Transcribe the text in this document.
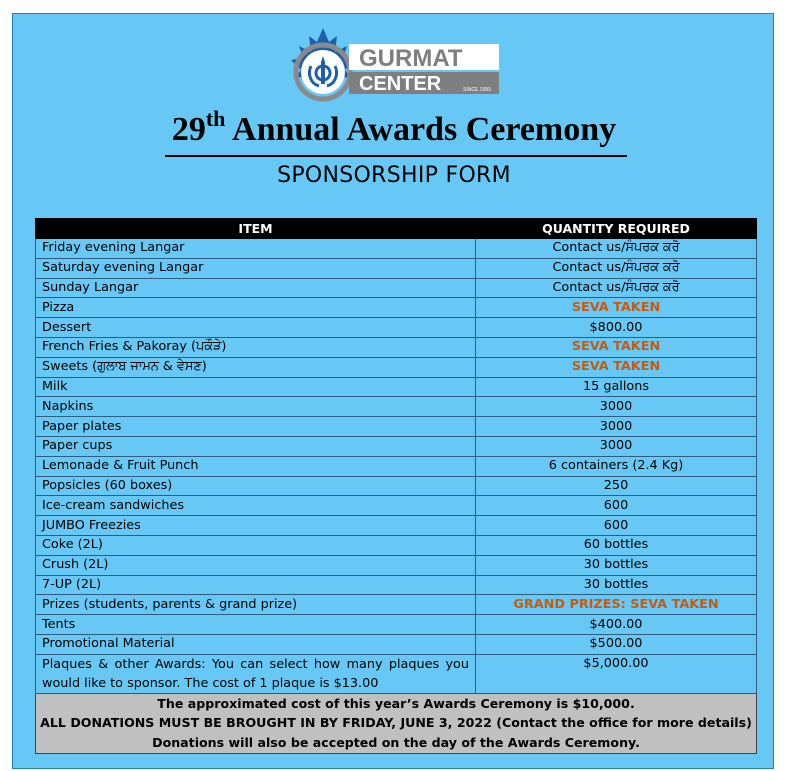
GURMAT
CENTER	SINCE 1993
29th Annual Awards Ceremony
SPONSORSHIP FORM
ITEM	QUANTITY REQUIRED
Friday evening Langar	Contact us/ਸੰਪਰਕ ਕਰੋ
Saturday evening Langar	Contact us/ਸੰਪਰਕ ਕਰੋ
Sunday Langar	Contact us/ਸੰਪਰਕ ਕਰੋ
Pizza	SEVA TAKEN
Dessert	$800.00
French Fries & Pakoray (ਪਕੌੜੇ)	SEVA TAKEN
Sweets (ਗੁਲਾਬ ਜਾਮਨ & ਵੇਸਣ)	SEVA TAKEN
Milk	15 gallons
Napkins	3000
Paper plates	3000
Paper cups	3000
Lemonade & Fruit Punch	6 containers (2.4 Kg)
Popsicles (60 boxes)	250
Ice-cream sandwiches	600
JUMBO Freezies	600
Coke (2L)	60 bottles
Crush (2L)	30 bottles
7-UP (2L)	30 bottles
Prizes (students, parents & grand prize)	GRAND PRIZES: SEVA TAKEN
Tents	$400.00
Promotional Material	$500.00
Plaques & other Awards: You can select how many plaques you would like to sponsor. The cost of 1 plaque is $13.00	$5,000.00

The approximated cost of this year’s Awards Ceremony is $10,000.
ALL DONATIONS MUST BE BROUGHT IN BY FRIDAY, JUNE 3, 2022 (Contact the office for more details)
Donations will also be accepted on the day of the Awards Ceremony.	
